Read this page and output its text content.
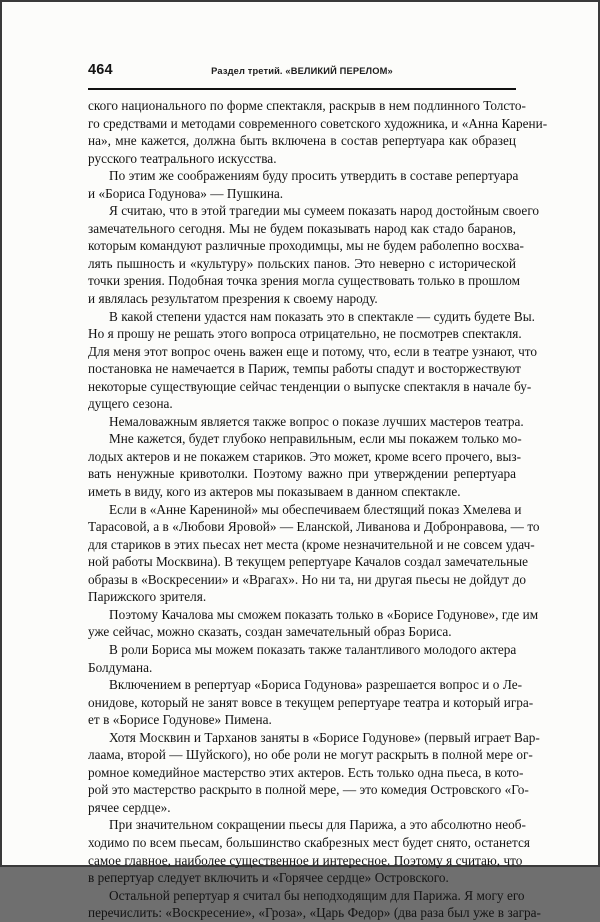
464	Раздел третий. «ВЕЛИКИЙ ПЕРЕЛОМ»

ского национального по форме спектакля, раскрыв в нем подлинного Толсто-
го средствами и методами современного советского художника, и «Анна Карени-
на», мне кажется, должна быть включена в состав репертуара как образец
русского театрального искусства.

По этим же соображениям буду просить утвердить в составе репертуара
и «Бориса Годунова» — Пушкина.

Я считаю, что в этой трагедии мы сумеем показать народ достойным своего
замечательного сегодня. Мы не будем показывать народ как стадо баранов,
которым командуют различные проходимцы, мы не будем раболепно восхва-
лять пышность и «культуру» польских панов. Это неверно с исторической
точки зрения. Подобная точка зрения могла существовать только в прошлом
и являлась результатом презрения к своему народу.

В какой степени удастся нам показать это в спектакле — судить будете Вы.
Но я прошу не решать этого вопроса отрицательно, не посмотрев спектакля.
Для меня этот вопрос очень важен еще и потому, что, если в театре узнают, что
постановка не намечается в Париж, темпы работы спадут и восторжествуют
некоторые существующие сейчас тенденции о выпуске спектакля в начале бу-
дущего сезона.

Немаловажным является также вопрос о показе лучших мастеров театра.

Мне кажется, будет глубоко неправильным, если мы покажем только мо-
лодых актеров и не покажем стариков. Это может, кроме всего прочего, выз-
вать ненужные кривотолки. Поэтому важно при утверждении репертуара
иметь в виду, кого из актеров мы показываем в данном спектакле.

Если в «Анне Карениной» мы обеспечиваем блестящий показ Хмелева и
Тарасовой, а в «Любови Яровой» — Еланской, Ливанова и Добронравова, — то
для стариков в этих пьесах нет места (кроме незначительной и не совсем удач-
ной работы Москвина). В текущем репертуаре Качалов создал замечательные
образы в «Воскресении» и «Врагах». Но ни та, ни другая пьесы не дойдут до
Парижского зрителя.

Поэтому Качалова мы сможем показать только в «Борисе Годунове», где им
уже сейчас, можно сказать, создан замечательный образ Бориса.

В роли Бориса мы можем показать также талантливого молодого актера
Болдумана.

Включением в репертуар «Бориса Годунова» разрешается вопрос и о Ле-
онидове, который не занят вовсе в текущем репертуаре театра и который игра-
ет в «Борисе Годунове» Пимена.

Хотя Москвин и Тарханов заняты в «Борисе Годунове» (первый играет Вар-
лаама, второй — Шуйского), но обе роли не могут раскрыть в полной мере ог-
ромное комедийное мастерство этих актеров. Есть только одна пьеса, в кото-
рой это мастерство раскрыто в полной мере, — это комедия Островского «Го-
рячее сердце».

При значительном сокращении пьесы для Парижа, а это абсолютно необ-
ходимо по всем пьесам, большинство скабрезных мест будет снято, останется
самое главное, наиболее существенное и интересное. Поэтому я считаю, что
в репертуар следует включить и «Горячее сердце» Островского.

Остальной репертуар я считал бы неподходящим для Парижа. Я могу его
перечислить: «Воскресение», «Гроза», «Царь Федор» (два раза был уже в загра-
